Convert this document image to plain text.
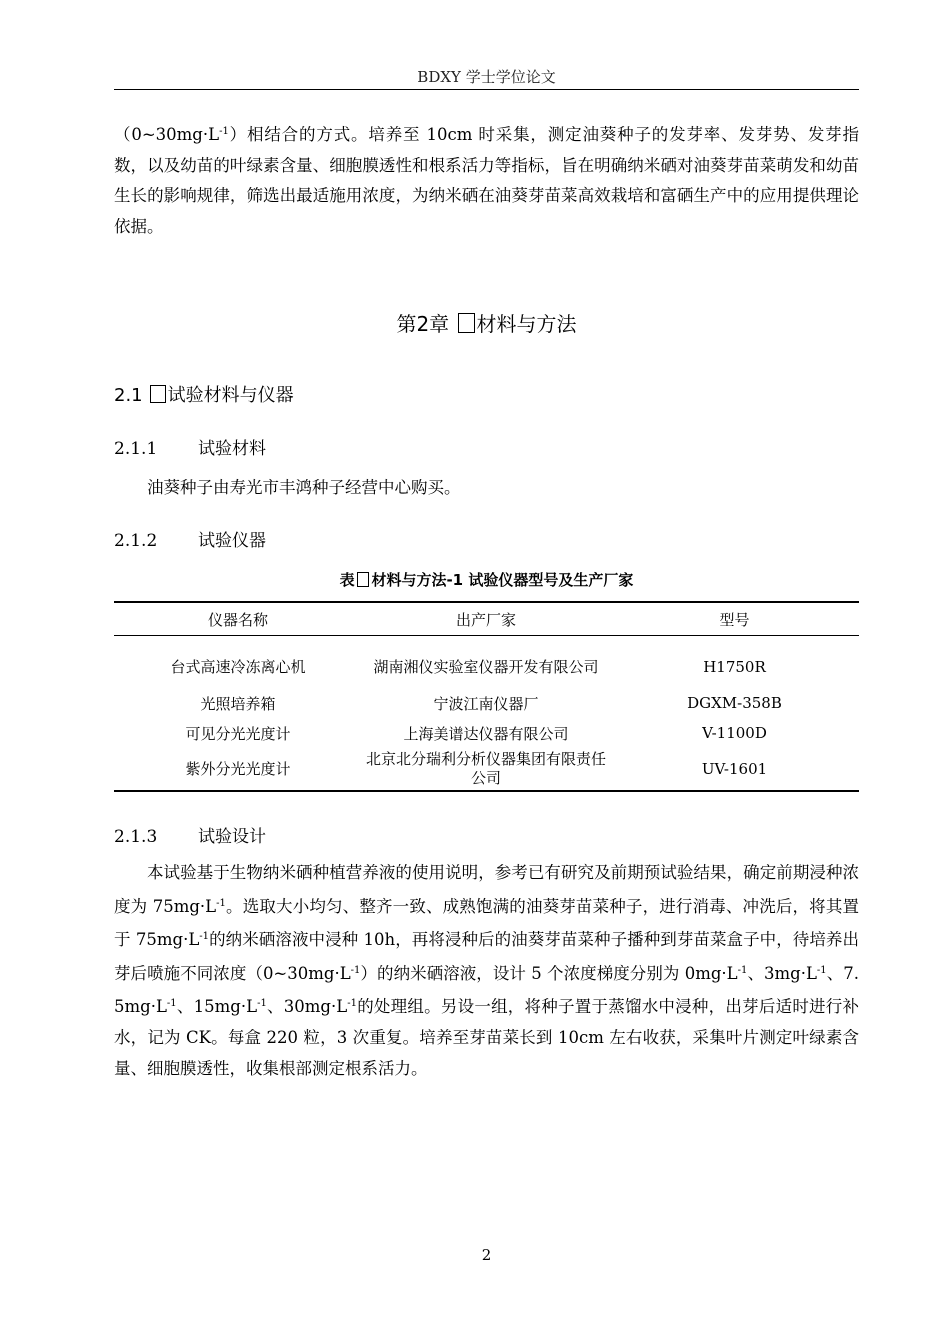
BDXY 学士学位论文
$(0\sim 30mg\cdot L^{-1})$相结合的方式。培养至 10cm 时采集，测定油葵种子的发芽率、发芽势、发芽指数，以及幼苗的叶绿素含量、细胞膜透性和根系活力等指标，旨在明确纳米硒对油葵芽苗菜萌发和幼苗生长的影响规律，筛选出最适施用浓度，为纳米硒在油葵芽苗菜高效栽培和富硒生产中的应用提供理论依据。
第2章 材料与方法
2.1 试验材料与仪器
2.1.1 试验材料
油葵种子由寿光市丰鸿种子经营中心购买。
2.1.2 试验仪器
表 材料与方法-1 试验仪器型号及生产厂家
仪器名称	出产厂家	型号
台式高速冷冻离心机	湖南湘仪实验室仪器开发有限公司	H1750R
光照培养箱	宁波江南仪器厂	DGXM-358B
可见分光光度计	上海美谱达仪器有限公司	V-1100D
紫外分光光度计	北京北分瑞利分析仪器集团有限责任公司	UV-1601
2.1.3 试验设计
本试验基于生物纳米硒种植营养液的使用说明，参考已有研究及前期预试验结果，确定前期浸种浓度为 $75mg\cdot L^{-1}$。选取大小均匀、整齐一致、成熟饱满的油葵芽苗菜种子，进行消毒、冲洗后，将其置于 $75mg\cdot L^{-1}$的纳米硒溶液中浸种 10h，再将浸种后的油葵芽苗菜种子播种到芽苗菜盒子中，待培养出芽后喷施不同浓度$(0\sim 30mg\cdot L^{-1})$的纳米硒溶液，设计 5 个浓度梯度分别为 $0mg\cdot L^{-1}$、$3mg\cdot L^{-1}$、$7.5mg\cdot L^{-1}$、$15mg\cdot L^{-1}$、$30mg\cdot L^{-1}$的处理组。另设一组，将种子置于蒸馏水中浸种，出芽后适时进行补水，记为 CK。每盒 220 粒，3 次重复。培养至芽苗菜长到 10cm 左右收获，采集叶片测定叶绿素含量、细胞膜透性，收集根部测定根系活力。
2
